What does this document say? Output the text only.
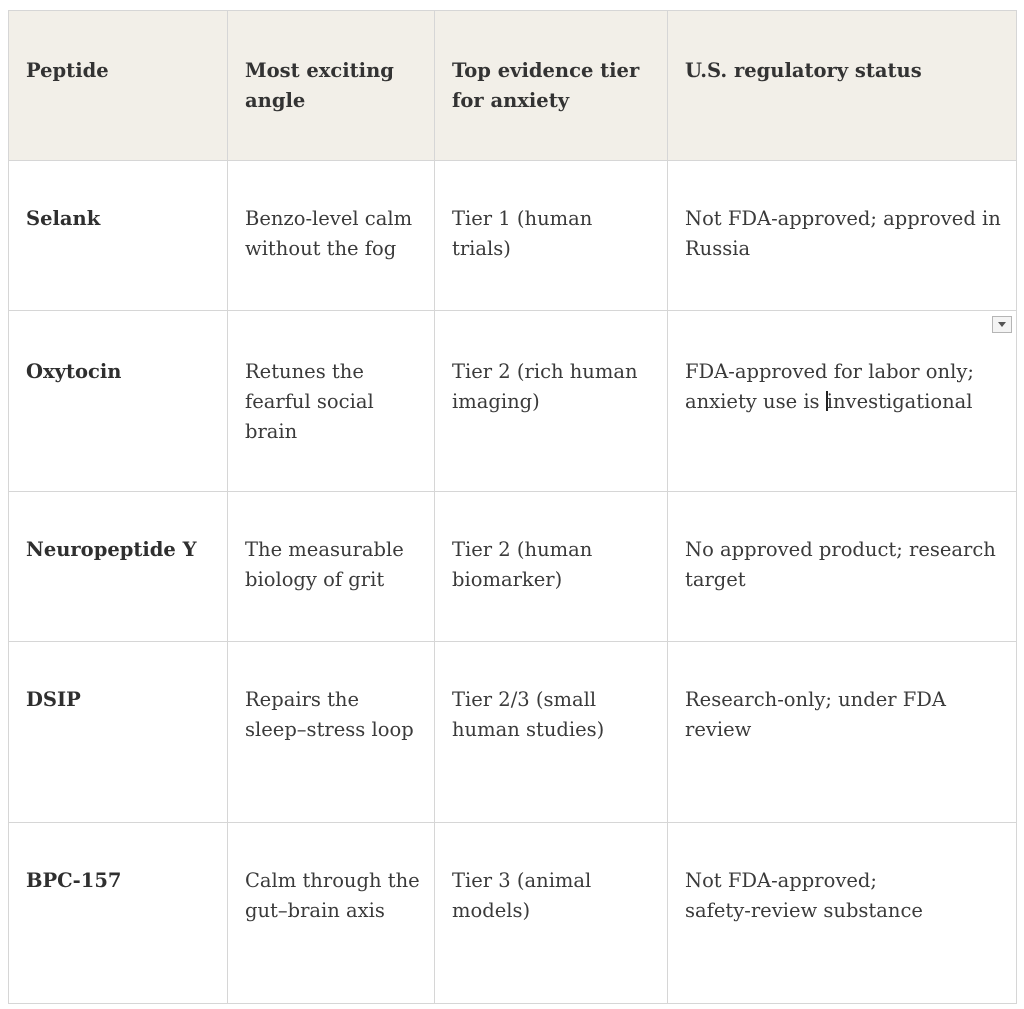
Peptide	Most exciting angle	Top evidence tier for anxiety	U.S. regulatory status

Selank	Benzo-level calm without the fog	Tier 1 (human trials)	Not FDA-approved; approved in Russia

Oxytocin	Retunes the fearful social brain	Tier 2 (rich human imaging)	FDA-approved for labor only; anxiety use is investigational

Neuropeptide Y	The measurable biology of grit	Tier 2 (human biomarker)	No approved product; research target

DSIP	Repairs the sleep–stress loop	Tier 2/3 (small human studies)	Research-only; under FDA review

BPC-157	Calm through the gut–brain axis	Tier 3 (animal models)	Not FDA-approved;
safety-review substance
